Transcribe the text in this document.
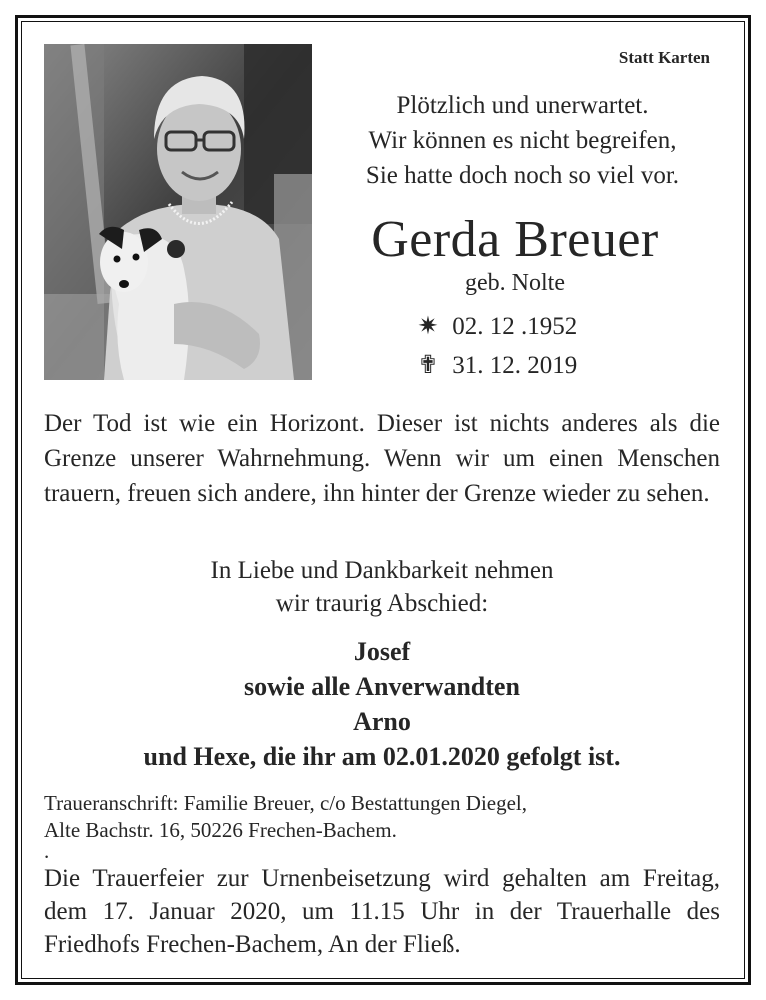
Statt Karten
Plötzlich und unerwartet.
Wir können es nicht begreifen,
Sie hatte doch noch so viel vor.
Gerda Breuer
geb. Nolte
✷ 02. 12 .1952
✟ 31. 12. 2019
Der Tod ist wie ein Horizont. Dieser ist nichts anderes als die Grenze unserer Wahrnehmung. Wenn wir um einen Menschen trauern, freuen sich andere, ihn hinter der Grenze wieder zu sehen.
In Liebe und Dankbarkeit nehmen
wir traurig Abschied:
Josef
sowie alle Anverwandten
Arno
und Hexe, die ihr am 02.01.2020 gefolgt ist.
Traueranschrift: Familie Breuer, c/o Bestattungen Diegel,
Alte Bachstr. 16, 50226 Frechen-Bachem.
.
Die Trauerfeier zur Urnenbeisetzung wird gehalten am Freitag, dem 17. Januar 2020, um 11.15 Uhr in der Trauerhalle des Friedhofs Frechen-Bachem, An der Fließ.
